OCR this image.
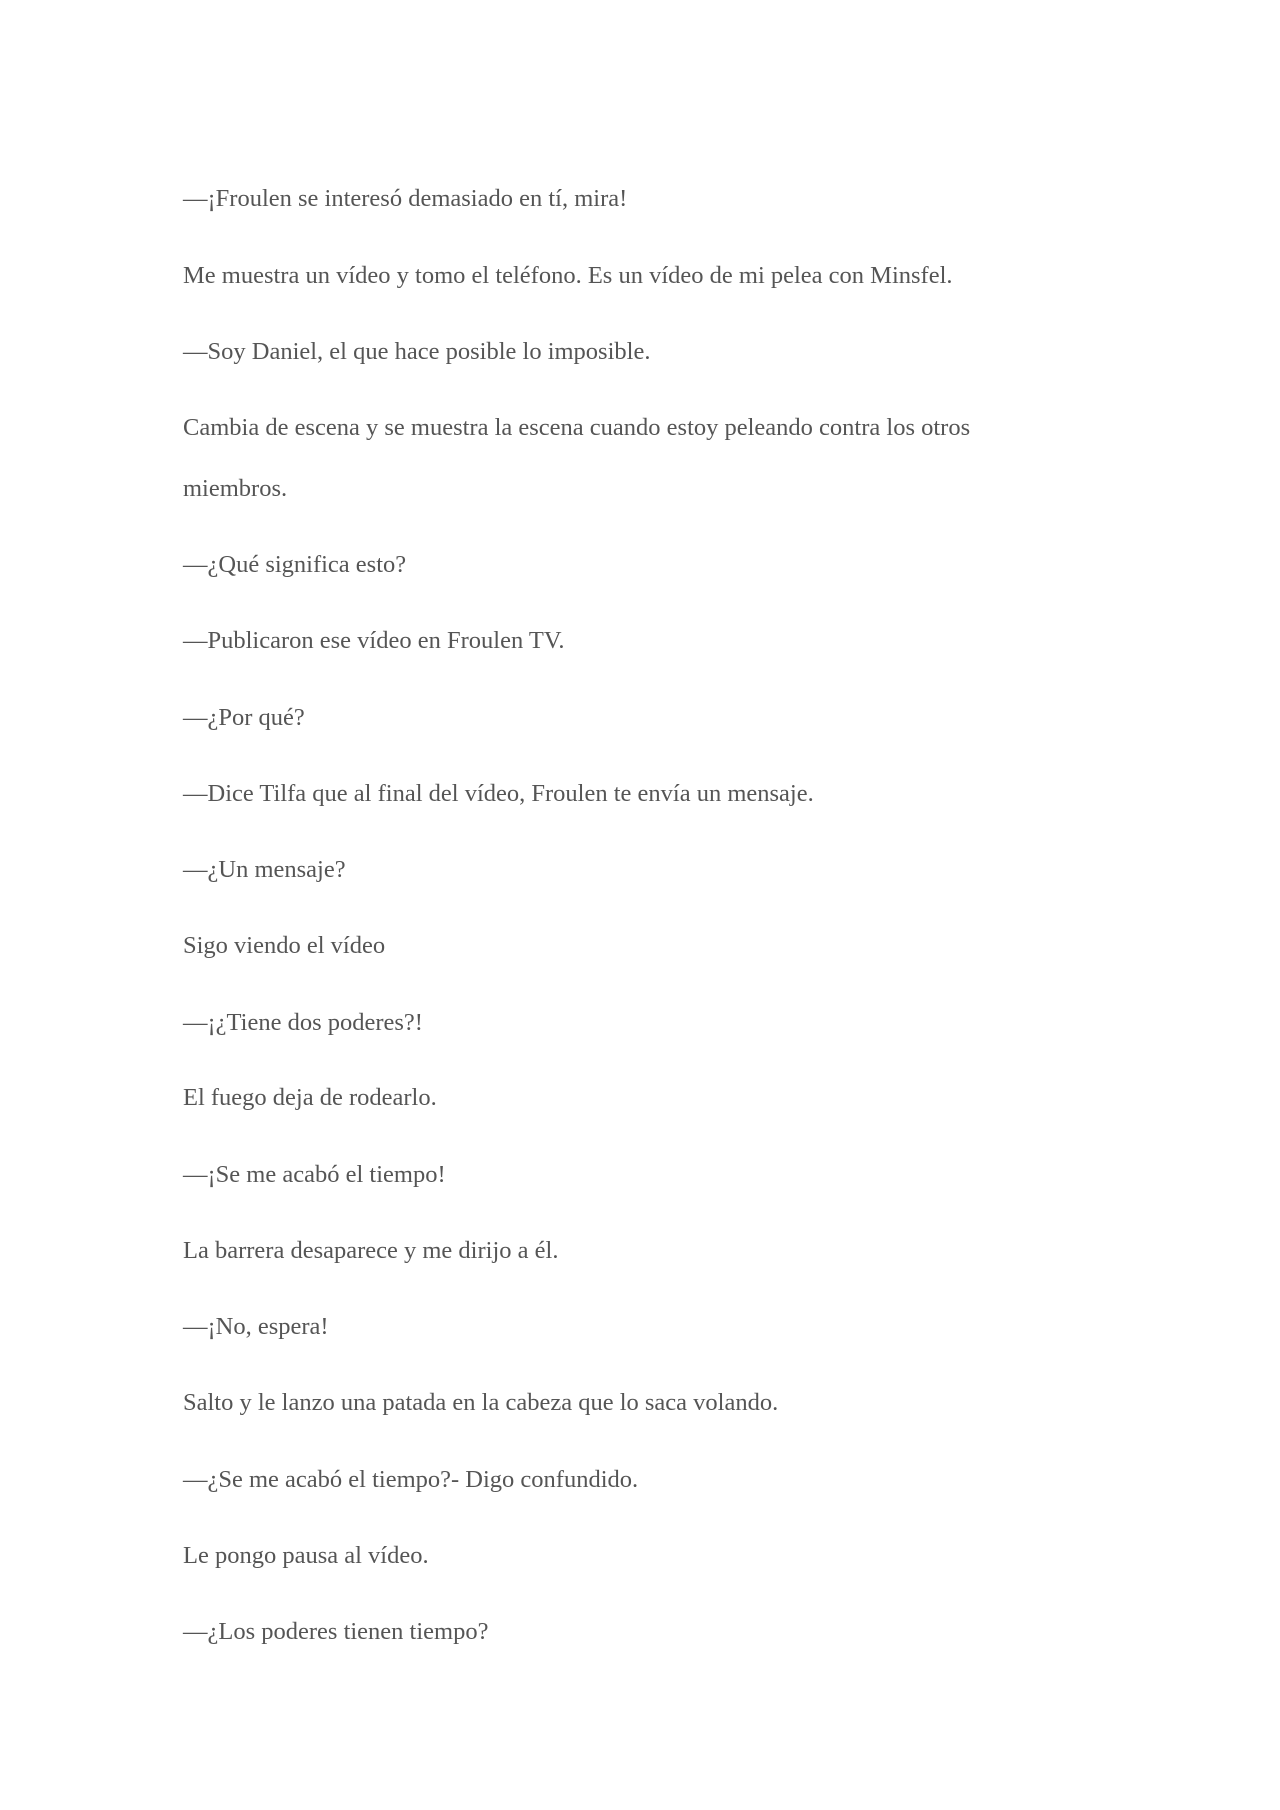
—¡Froulen se interesó demasiado en tí, mira!

Me muestra un vídeo y tomo el teléfono. Es un vídeo de mi pelea con Minsfel.

—Soy Daniel, el que hace posible lo imposible.

Cambia de escena y se muestra la escena cuando estoy peleando contra los otros

miembros.

—¿Qué significa esto?

—Publicaron ese vídeo en Froulen TV.

—¿Por qué?

—Dice Tilfa que al final del vídeo, Froulen te envía un mensaje.

—¿Un mensaje?

Sigo viendo el vídeo

—¡¿Tiene dos poderes?!

El fuego deja de rodearlo.

—¡Se me acabó el tiempo!

La barrera desaparece y me dirijo a él.

—¡No, espera!

Salto y le lanzo una patada en la cabeza que lo saca volando.

—¿Se me acabó el tiempo?- Digo confundido.

Le pongo pausa al vídeo.

—¿Los poderes tienen tiempo?
